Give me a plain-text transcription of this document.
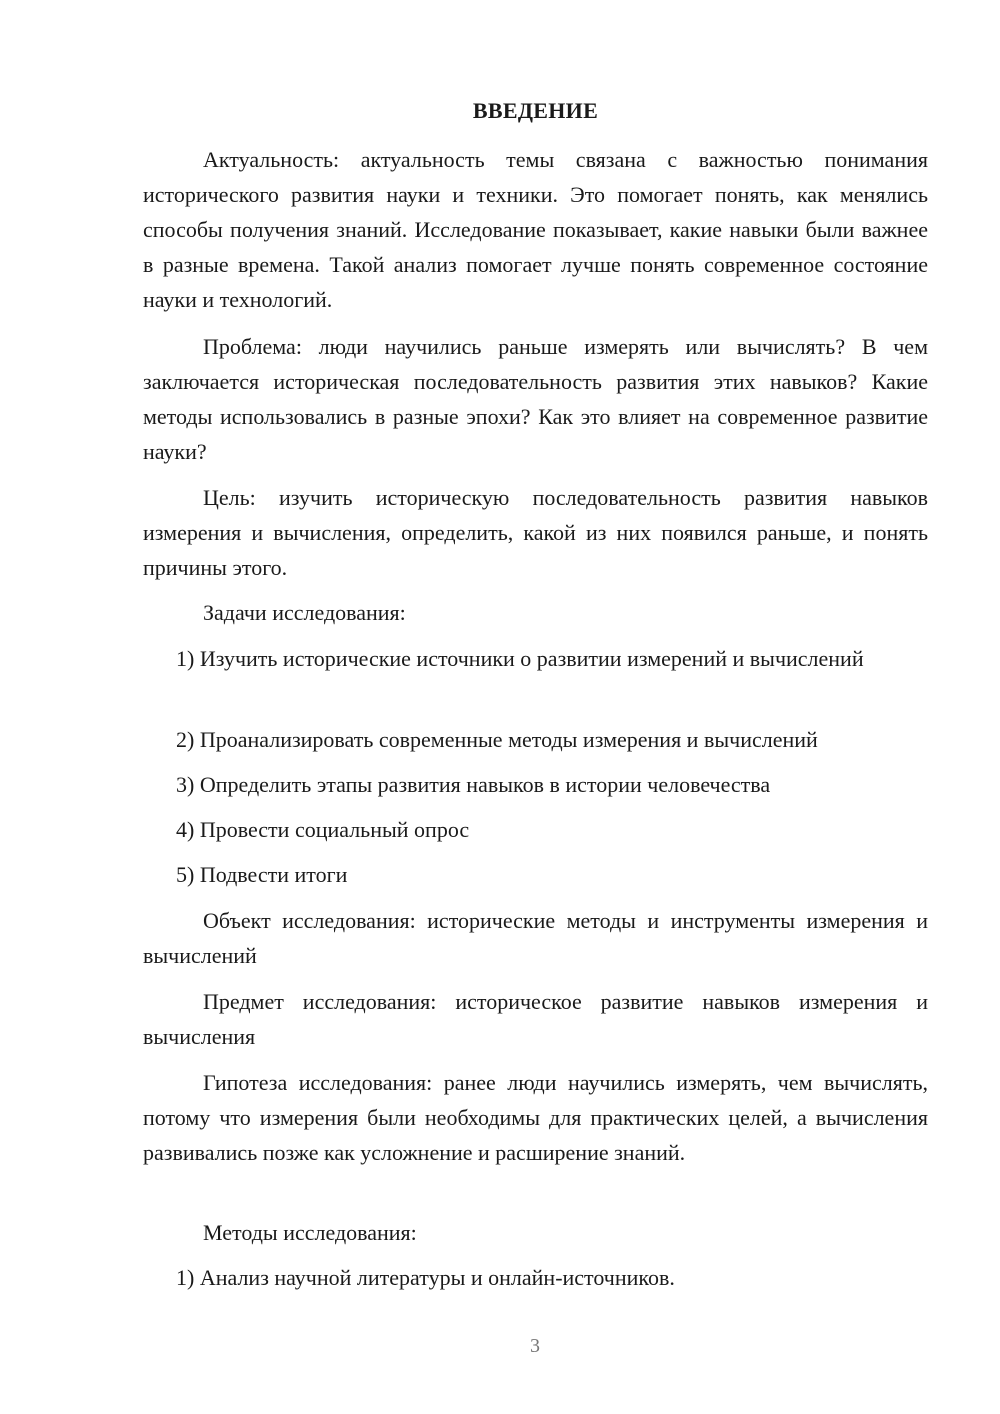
ВВЕДЕНИЕ

Актуальность: актуальность темы связана с важностью понимания исторического развития науки и техники. Это помогает понять, как менялись способы получения знаний. Исследование показывает, какие навыки были важнее в разные времена. Такой анализ помогает лучше понять современное состояние науки и технологий.

Проблема: люди научились раньше измерять или вычислять? В чем заключается историческая последовательность развития этих навыков? Какие методы использовались в разные эпохи? Как это влияет на современное развитие науки?

Цель: изучить историческую последовательность развития навыков измерения и вычисления, определить, какой из них появился раньше, и понять причины этого.

Задачи исследования:

1) Изучить исторические источники о развитии измерений и вычислений

2) Проанализировать современные методы измерения и вычислений

3) Определить этапы развития навыков в истории человечества

4) Провести социальный опрос

5) Подвести итоги

Объект исследования: исторические методы и инструменты измерения и вычислений

Предмет исследования: историческое развитие навыков измерения и вычисления

Гипотеза исследования: ранее люди научились измерять, чем вычислять, потому что измерения были необходимы для практических целей, а вычисления развивались позже как усложнение и расширение знаний.

Методы исследования:

1) Анализ научной литературы и онлайн-источников.

3
